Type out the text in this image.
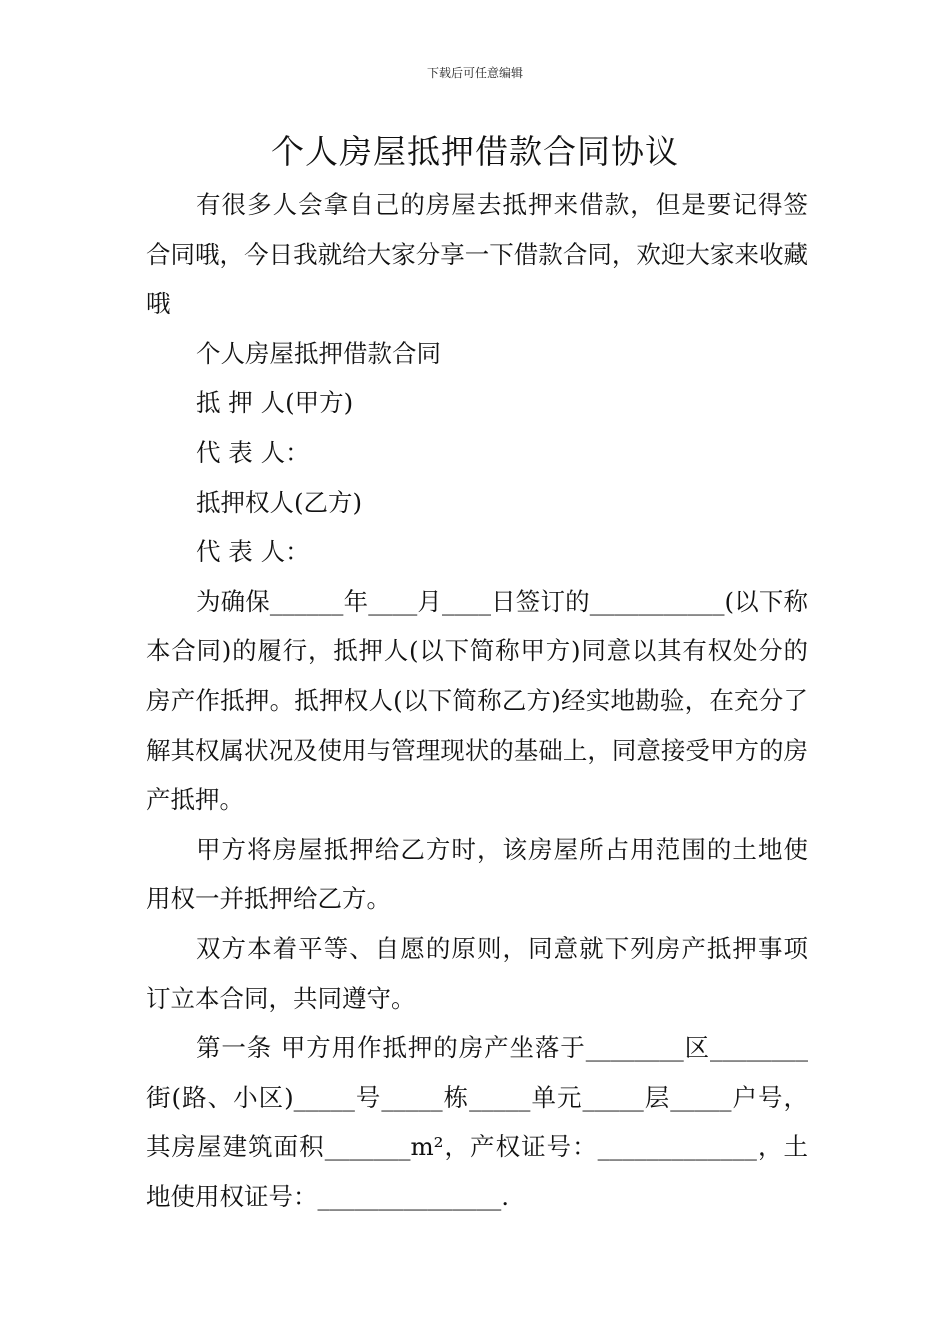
下载后可任意编辑
个人房屋抵押借款合同协议

有很多人会拿自己的房屋去抵押来借款，但是要记得签合同哦，今日我就给大家分享一下借款合同，欢迎大家来收藏哦

个人房屋抵押借款合同

抵 押 人(甲方)

代 表 人：

抵押权人(乙方)

代 表 人：

为确保______年____月____日签订的___________(以下称本合同)的履行，抵押人(以下简称甲方)同意以其有权处分的房产作抵押。抵押权人(以下简称乙方)经实地勘验，在充分了解其权属状况及使用与管理现状的基础上，同意接受甲方的房产抵押。

甲方将房屋抵押给乙方时，该房屋所占用范围的土地使用权一并抵押给乙方。

双方本着平等、自愿的原则，同意就下列房产抵押事项订立本合同，共同遵守。

第一条 甲方用作抵押的房产坐落于________区________街(路、小区)_____号_____栋_____单元_____层_____户号，其房屋建筑面积_______m²，产权证号：_____________，土地使用权证号：_______________.
